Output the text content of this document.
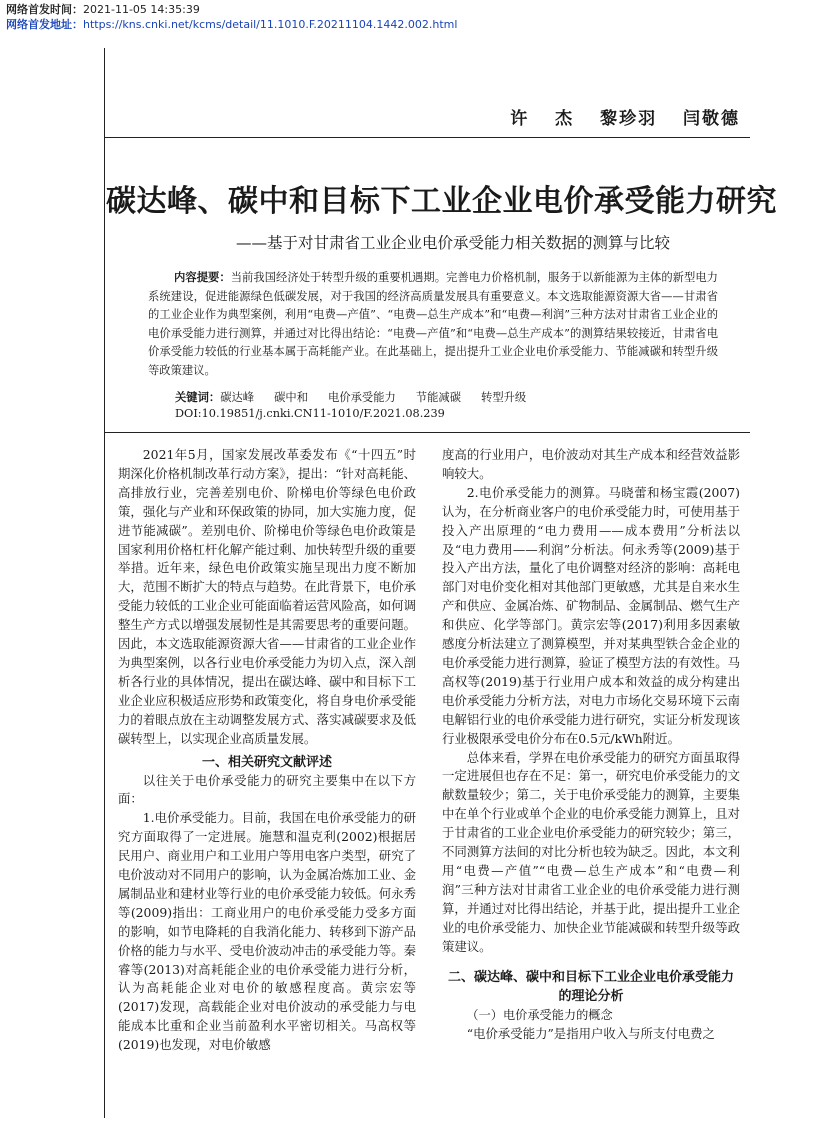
网络首发时间：2021-11-05 14:35:39
网络首发地址：https://kns.cnki.net/kcms/detail/11.1010.F.20211104.1442.002.html
许 杰 黎珍羽 闫敬德
碳达峰、碳中和目标下工业企业电价承受能力研究
——基于对甘肃省工业企业电价承受能力相关数据的测算与比较
内容提要：当前我国经济处于转型升级的重要机遇期。完善电力价格机制，服务于以新能源为主体的新型电力系统建设，促进能源绿色低碳发展，对于我国的经济高质量发展具有重要意义。本文选取能源资源大省——甘肃省的工业企业作为典型案例，利用“电费—产值”、“电费—总生产成本”和“电费—利润”三种方法对甘肃省工业企业的电价承受能力进行测算，并通过对比得出结论：“电费—产值”和“电费—总生产成本”的测算结果较接近，甘肃省电价承受能力较低的行业基本属于高耗能产业。在此基础上，提出提升工业企业电价承受能力、节能减碳和转型升级等政策建议。
关键词：碳达峰 碳中和 电价承受能力 节能减碳 转型升级
DOI:10.19851/j.cnki.CN11-1010/F.2021.08.239

2021年5月，国家发展改革委发布《“十四五”时期深化价格机制改革行动方案》，提出：“针对高耗能、高排放行业，完善差别电价、阶梯电价等绿色电价政策，强化与产业和环保政策的协同，加大实施力度，促进节能减碳”。差别电价、阶梯电价等绿色电价政策是国家利用价格杠杆化解产能过剩、加快转型升级的重要举措。近年来，绿色电价政策实施呈现出力度不断加大，范围不断扩大的特点与趋势。在此背景下，电价承受能力较低的工业企业可能面临着运营风险高，如何调整生产方式以增强发展韧性是其需要思考的重要问题。因此，本文选取能源资源大省——甘肃省的工业企业作为典型案例，以各行业电价承受能力为切入点，深入剖析各行业的具体情况，提出在碳达峰、碳中和目标下工业企业应积极适应形势和政策变化，将自身电价承受能力的着眼点放在主动调整发展方式、落实减碳要求及低碳转型上，以实现企业高质量发展。

一、相关研究文献评述

以往关于电价承受能力的研究主要集中在以下方面：

1.电价承受能力。目前，我国在电价承受能力的研究方面取得了一定进展。施慧和温克利(2002)根据居民用户、商业用户和工业用户等用电客户类型，研究了电价波动对不同用户的影响，认为金属冶炼加工业、金属制品业和建材业等行业的电价承受能力较低。何永秀等(2009)指出：工商业用户的电价承受能力受多方面的影响，如节电降耗的自我消化能力、转移到下游产品价格的能力与水平、受电价波动冲击的承受能力等。秦睿等(2013)对高耗能企业的电价承受能力进行分析，认为高耗能企业对电价的敏感程度高。黄宗宏等(2017)发现，高载能企业对电价波动的承受能力与电能成本比重和企业当前盈利水平密切相关。马高权等(2019)也发现，对电价敏感

度高的行业用户，电价波动对其生产成本和经营效益影响较大。

2.电价承受能力的测算。马晓蕾和杨宝霞(2007)认为，在分析商业客户的电价承受能力时，可使用基于投入产出原理的“电力费用——成本费用”分析法以及“电力费用——利润”分析法。何永秀等(2009)基于投入产出方法，量化了电价调整对经济的影响：高耗电部门对电价变化相对其他部门更敏感，尤其是自来水生产和供应、金属冶炼、矿物制品、金属制品、燃气生产和供应、化学等部门。黄宗宏等(2017)利用多因素敏感度分析法建立了测算模型，并对某典型铁合金企业的电价承受能力进行测算，验证了模型方法的有效性。马高权等(2019)基于行业用户成本和效益的成分构建出电价承受能力分析方法，对电力市场化交易环境下云南电解铝行业的电价承受能力进行研究，实证分析发现该行业极限承受电价分布在0.5元/kWh附近。

总体来看，学界在电价承受能力的研究方面虽取得一定进展但也存在不足：第一，研究电价承受能力的文献数量较少；第二，关于电价承受能力的测算，主要集中在单个行业或单个企业的电价承受能力测算上，且对于甘肃省的工业企业电价承受能力的研究较少；第三，不同测算方法间的对比分析也较为缺乏。因此，本文利用“电费—产值”“电费—总生产成本”和“电费—利润”三种方法对甘肃省工业企业的电价承受能力进行测算，并通过对比得出结论，并基于此，提出提升工业企业的电价承受能力、加快企业节能减碳和转型升级等政策建议。

二、碳达峰、碳中和目标下工业企业电价承受能力的理论分析

（一）电价承受能力的概念

“电价承受能力”是指用户收入与所支付电费之
